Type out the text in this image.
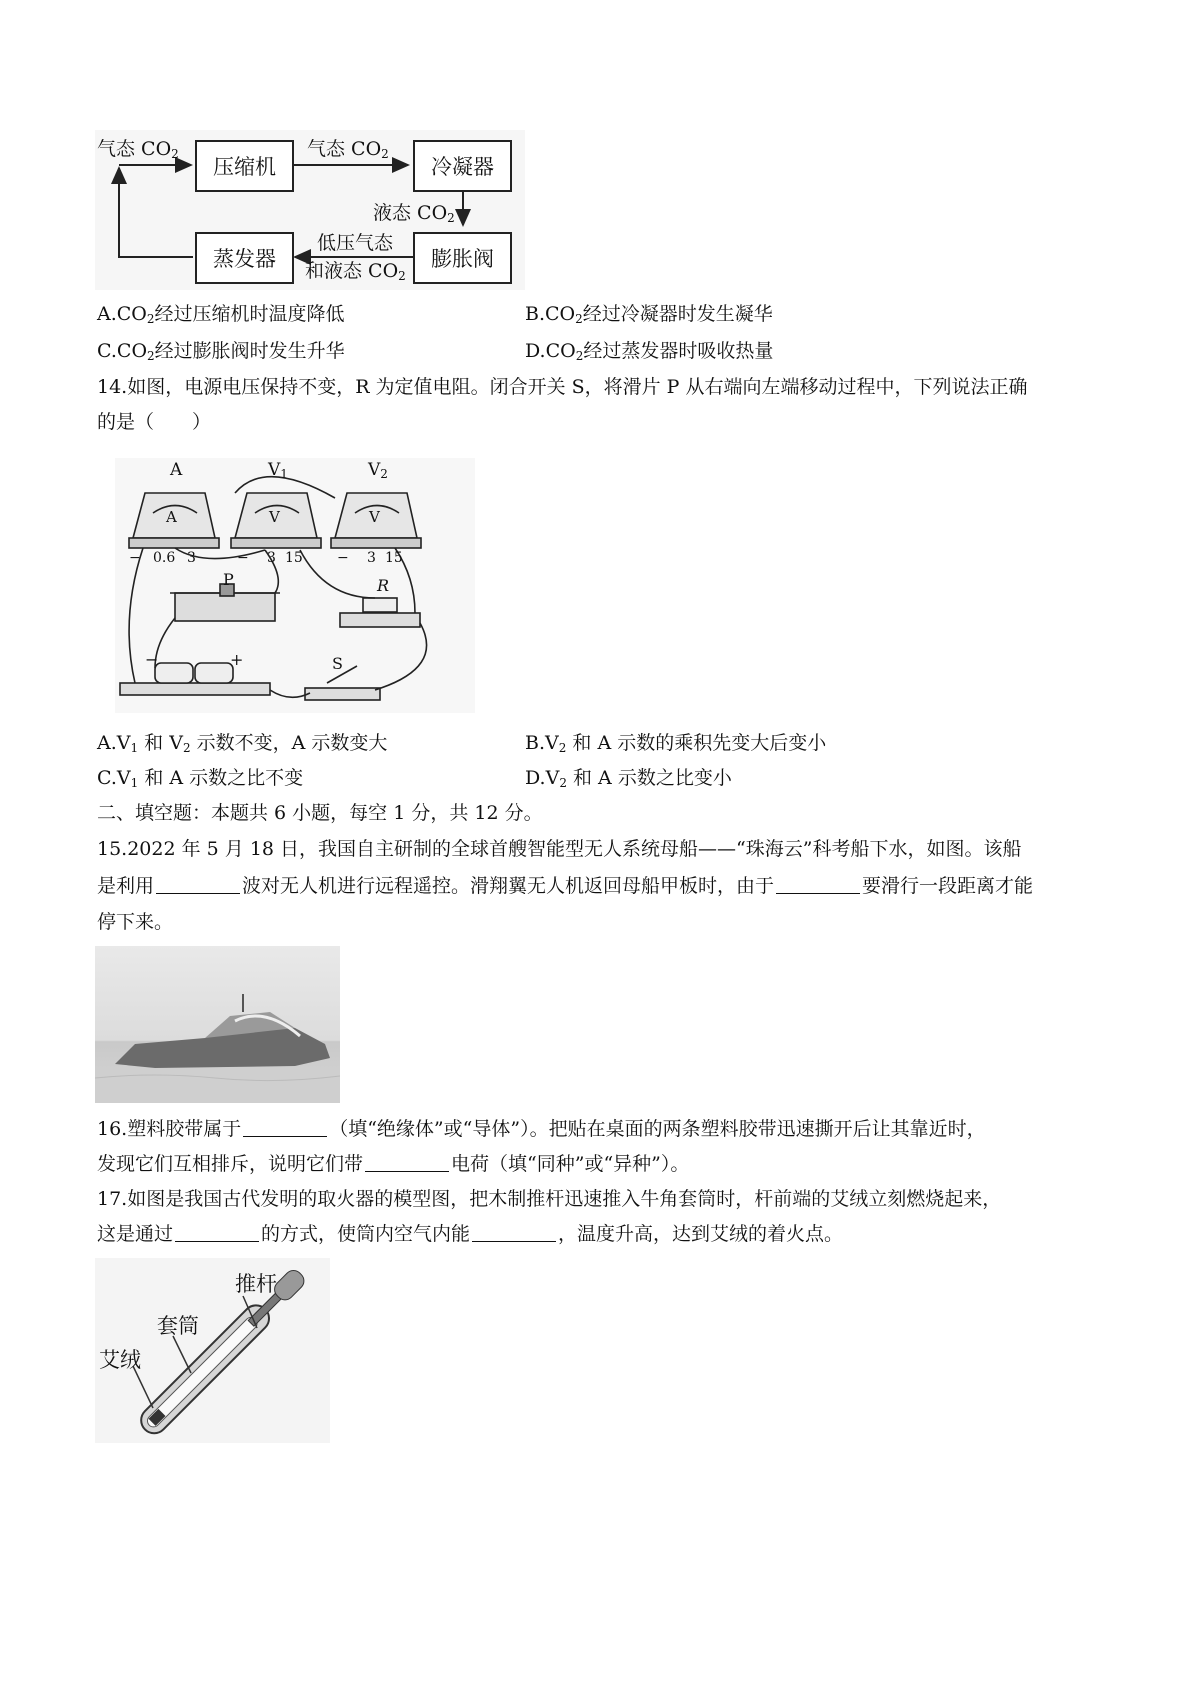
压缩机	冷凝器
膨胀阀
蒸发器
气态 $CO_2$	气态 $CO_2$
液态 $CO_2$
低压气态
和液态 $CO_2$
$A.CO_2$经过压缩机时温度降低	$B.CO_2$经过冷凝器时发生凝华
$C.CO_2$经过膨胀阀时发生升华	$D.CO_2$经过蒸发器时吸收热量
14.如图，电源电压保持不变，R 为定值电阻。闭合开关 S，将滑片 P 从右端向左端移动过程中，下列说法正确
的是（　　）
A	$V_1$	$V_2$
A	V	V
− 0.6 3	− 3 15 − 3 15
P	R
−	+	S
$A.V_1$ 和 $V_2$ 示数不变，A 示数变大	$B.V_2$ 和 A 示数的乘积先变大后变小
$C.V_1$ 和 A 示数之比不变	$D.V_2$ 和 A 示数之比变小
二、填空题：本题共 6 小题，每空 1 分，共 12 分。
15.2022 年 5 月 18 日，我国自主研制的全球首艘智能型无人系统母船——“珠海云”科考船下水，如图。该船
是利用	波对无人机进行远程遥控。滑翔翼无人机返回母船甲板时，由于	要滑行一段距离才能
停下来。
16.塑料胶带属于	（填“绝缘体”或“导体”）。把贴在桌面的两条塑料胶带迅速撕开后让其靠近时，
发现它们互相排斥，说明它们带	电荷（填“同种”或“异种”）。
17.如图是我国古代发明的取火器的模型图，把木制推杆迅速推入牛角套筒时，杆前端的艾绒立刻燃烧起来，
这是通过	的方式，使筒内空气内能	，温度升高，达到艾绒的着火点。
推杆
套筒
艾绒
